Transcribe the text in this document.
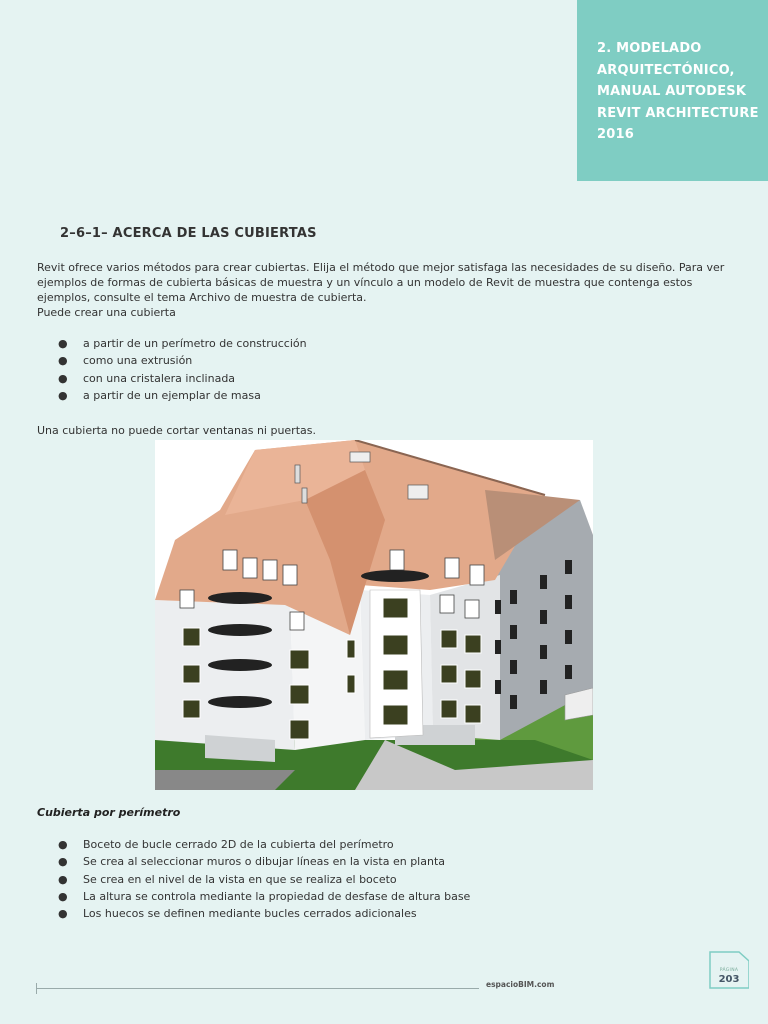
2. MODELADO ARQUITECTÓNICO, MANUAL AUTODESK REVIT ARCHITECTURE 2016
2–6–1– ACERCA DE LAS CUBIERTAS

Revit ofrece varios métodos para crear cubiertas. Elija el método que mejor satisfaga las necesidades de su diseño. Para ver ejemplos de formas de cubierta básicas de muestra y un vínculo a un modelo de Revit de muestra que contenga estos ejemplos, consulte el tema Archivo de muestra de cubierta.

Puede crear una cubierta

● a partir de un perímetro de construcción
● como una extrusión
● con una cristalera inclinada
● a partir de un ejemplar de masa
Una cubierta no puede cortar ventanas ni puertas.
Cubierta por perímetro
● Boceto de bucle cerrado 2D de la cubierta del perímetro
● Se crea al seleccionar muros o dibujar líneas en la vista en planta
● Se crea en el nivel de la vista en que se realiza el boceto
● La altura se controla mediante la propiedad de desfase de altura base
● Los huecos se definen mediante bucles cerrados adicionales
espacioBIM.com
PÁGINA
203
